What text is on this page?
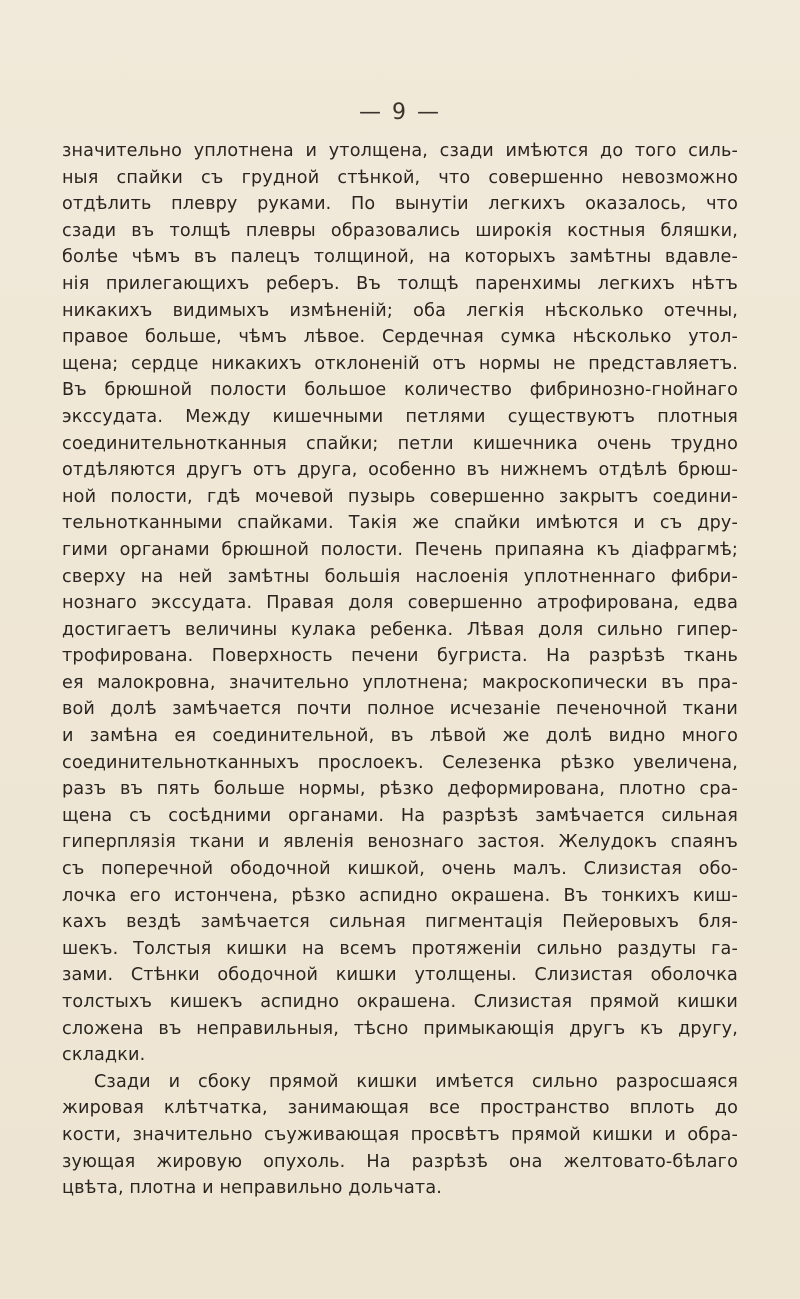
— 9 —
значительно уплотнена и утолщена, сзади имѣются до того силь-
ныя спайки съ грудной стѣнкой, что совершенно невозможно
отдѣлить плевру руками. По вынутіи легкихъ оказалось, что
сзади въ толщѣ плевры образовались широкія костныя бляшки,
болѣе чѣмъ въ палецъ толщиной, на которыхъ замѣтны вдавле-
нія прилегающихъ реберъ. Въ толщѣ паренхимы легкихъ нѣтъ
никакихъ видимыхъ измѣненій; оба легкія нѣсколько отечны,
правое больше, чѣмъ лѣвое. Сердечная сумка нѣсколько утол-
щена; сердце никакихъ отклоненій отъ нормы не представляетъ.
Въ брюшной полости большое количество фибринозно-гнойнаго
экссудата. Между кишечными петлями существуютъ плотныя
соединительнотканныя спайки; петли кишечника очень трудно
отдѣляются другъ отъ друга, особенно въ нижнемъ отдѣлѣ брюш-
ной полости, гдѣ мочевой пузырь совершенно закрытъ соедини-
тельнотканными спайками. Такія же спайки имѣются и съ дру-
гими органами брюшной полости. Печень припаяна къ діафрагмѣ;
сверху на ней замѣтны большія наслоенія уплотненнаго фибри-
нознаго экссудата. Правая доля совершенно атрофирована, едва
достигаетъ величины кулака ребенка. Лѣвая доля сильно гипер-
трофирована. Поверхность печени бугриста. На разрѣзѣ ткань
ея малокровна, значительно уплотнена; макроскопически въ пра-
вой долѣ замѣчается почти полное исчезаніе печеночной ткани
и замѣна ея соединительной, въ лѣвой же долѣ видно много
соединительнотканныхъ прослоекъ. Селезенка рѣзко увеличена,
разъ въ пять больше нормы, рѣзко деформирована, плотно сра-
щена съ сосѣдними органами. На разрѣзѣ замѣчается сильная
гиперплязія ткани и явленія венознаго застоя. Желудокъ спаянъ
съ поперечной ободочной кишкой, очень малъ. Слизистая обо-
лочка его истончена, рѣзко аспидно окрашена. Въ тонкихъ киш-
кахъ вездѣ замѣчается сильная пигментація Пейеровыхъ бля-
шекъ. Толстыя кишки на всемъ протяженіи сильно раздуты га-
зами. Стѣнки ободочной кишки утолщены. Слизистая оболочка
толстыхъ кишекъ аспидно окрашена. Слизистая прямой кишки
сложена въ неправильныя, тѣсно примыкающія другъ къ другу,
складки.
Сзади и сбоку прямой кишки имѣется сильно разросшаяся
жировая клѣтчатка, занимающая все пространство вплоть до
кости, значительно съуживающая просвѣтъ прямой кишки и обра-
зующая жировую опухоль. На разрѣзѣ она желтовато-бѣлаго
цвѣта, плотна и неправильно дольчата.
